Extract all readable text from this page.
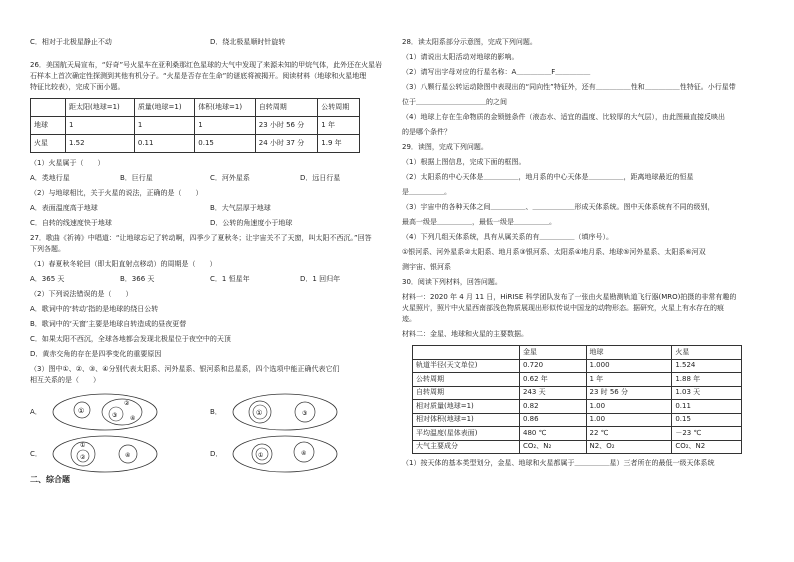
C．相对于北极星静止不动	D．绕北极星顺时针旋转
26．美国航天局宣布，“好奇”号火星车在亚利桑那红色星球的大气中发现了来源未知的甲烷气体，此外还在火星岩
石样本上首次确定性探测到其他有机分子。“火星是否存在生命”的谜底将被揭开。阅读材料（地球和火星地理
特征比较表），完成下面小题。
	距太阳(地球=1)	质量(地球=1)	体积(地球=1)	自转周期	公转周期
地球	1	1	1	23 小时 56 分	1 年
火星	1.52	0.11	0.15	24 小时 37 分	1.9 年
（1）火星属于（　　）
A．类地行星	B．巨行星	C．河外星系	D．远日行星
（2）与地球相比，关于火星的说法，正确的是（　　）
A．表面温度高于地球	B．大气层厚于地球
C．自转的线速度快于地球	D．公转的角速度小于地球
27．歌曲《祈祷》中唱道：“让地球忘记了转动啊，四季少了夏秋冬；让宇宙关不了天窗，叫太阳不西沉。”回答
下列各题。
（1）春夏秋冬轮回（即太阳直射点移动）的周期是（　　）
A．365 天	B．366 天	C．1 恒星年	D．1 回归年
（2）下列说法错误的是（　　）
A．歌词中的‘转动’指的是地球的绕日公转
B．歌词中的‘天窗’主要是地球自转造成的昼夜更替
C．如果太阳不西沉，全球各地都会发现北极星位于夜空中的天顶
D．黄赤交角的存在是四季变化的重要原因
（3）图中①、②、③、④分别代表太阳系、河外星系、银河系和总星系，四个选项中能正确代表它们
相互关系的是（　　）
A．	①
②
③ ④
B．	①	③
C．
①
②	④	D．	①	④
二、综合题
28．读太阳系部分示意图，完成下列问题。
（1）请说出太阳活动对地球的影响。
（2）请写出字母对应的行星名称：A＿＿＿＿＿F＿＿＿＿＿
（3）八颗行星公转运动除图中表现出的“同向性”特征外，还有＿＿＿＿＿性和＿＿＿＿＿性特征。小行星带
位于＿＿＿＿＿＿＿＿＿＿的之间
（4）地球上存在生命物质的金锁链条件（液态水、适宜的温度、比较厚的大气层），由此图最直接反映出
的是哪个条件？
29．读图，完成下列问题。
（1）根据上图信息，完成下面的框图。
（2）太阳系的中心天体是＿＿＿＿＿，地月系的中心天体是＿＿＿＿＿，距离地球最近的恒星
是＿＿＿＿＿。
（3）宇宙中的各种天体之间＿＿＿＿＿、＿＿＿＿＿＿形成天体系统。图中天体系统有不同的级别，
最高一级是＿＿＿＿＿，最低一级是＿＿＿＿＿。
（4）下列几组天体系统，具有从属关系的有＿＿＿＿＿（填序号）。
①银河系、河外星系②太阳系、地月系③银河系、太阳系④地月系、地球⑤河外星系、太阳系⑥河双
测宇宙、银河系
30．阅读下列材料，回答问题。
材料一：2020 年 4 月 11 日，HiRISE 科学团队发布了一张由火星勘测轨道飞行器(MRO)拍摄的非常有趣的
火星照片，照片中火星西南部浅色物质展现出形似传说中国龙的动物形态。据研究，火星上有水存在的痕
迹。
材料二：金星、地球和火星的主要数据。
	金星	地球	火星
轨道半径(天文单位)	0.720	1.000	1.524
公转周期	0.62 年	1 年	1.88 年
自转周期	243 天	23 时 56 分	1.03 天
相对质量(地球=1)	0.82	1.00	0.11
相对体积(地球=1)	0.86	1.00	0.15
平均温度(星体表面)	480 ℃	22 ℃	－23 ℃
大气主要成分	CO₂、N₂	N2、O₂	CO₂、N2
（1）按天体的基本类型划分，金星、地球和火星都属于＿＿＿＿＿星）三者所在的最低一级天体系统
